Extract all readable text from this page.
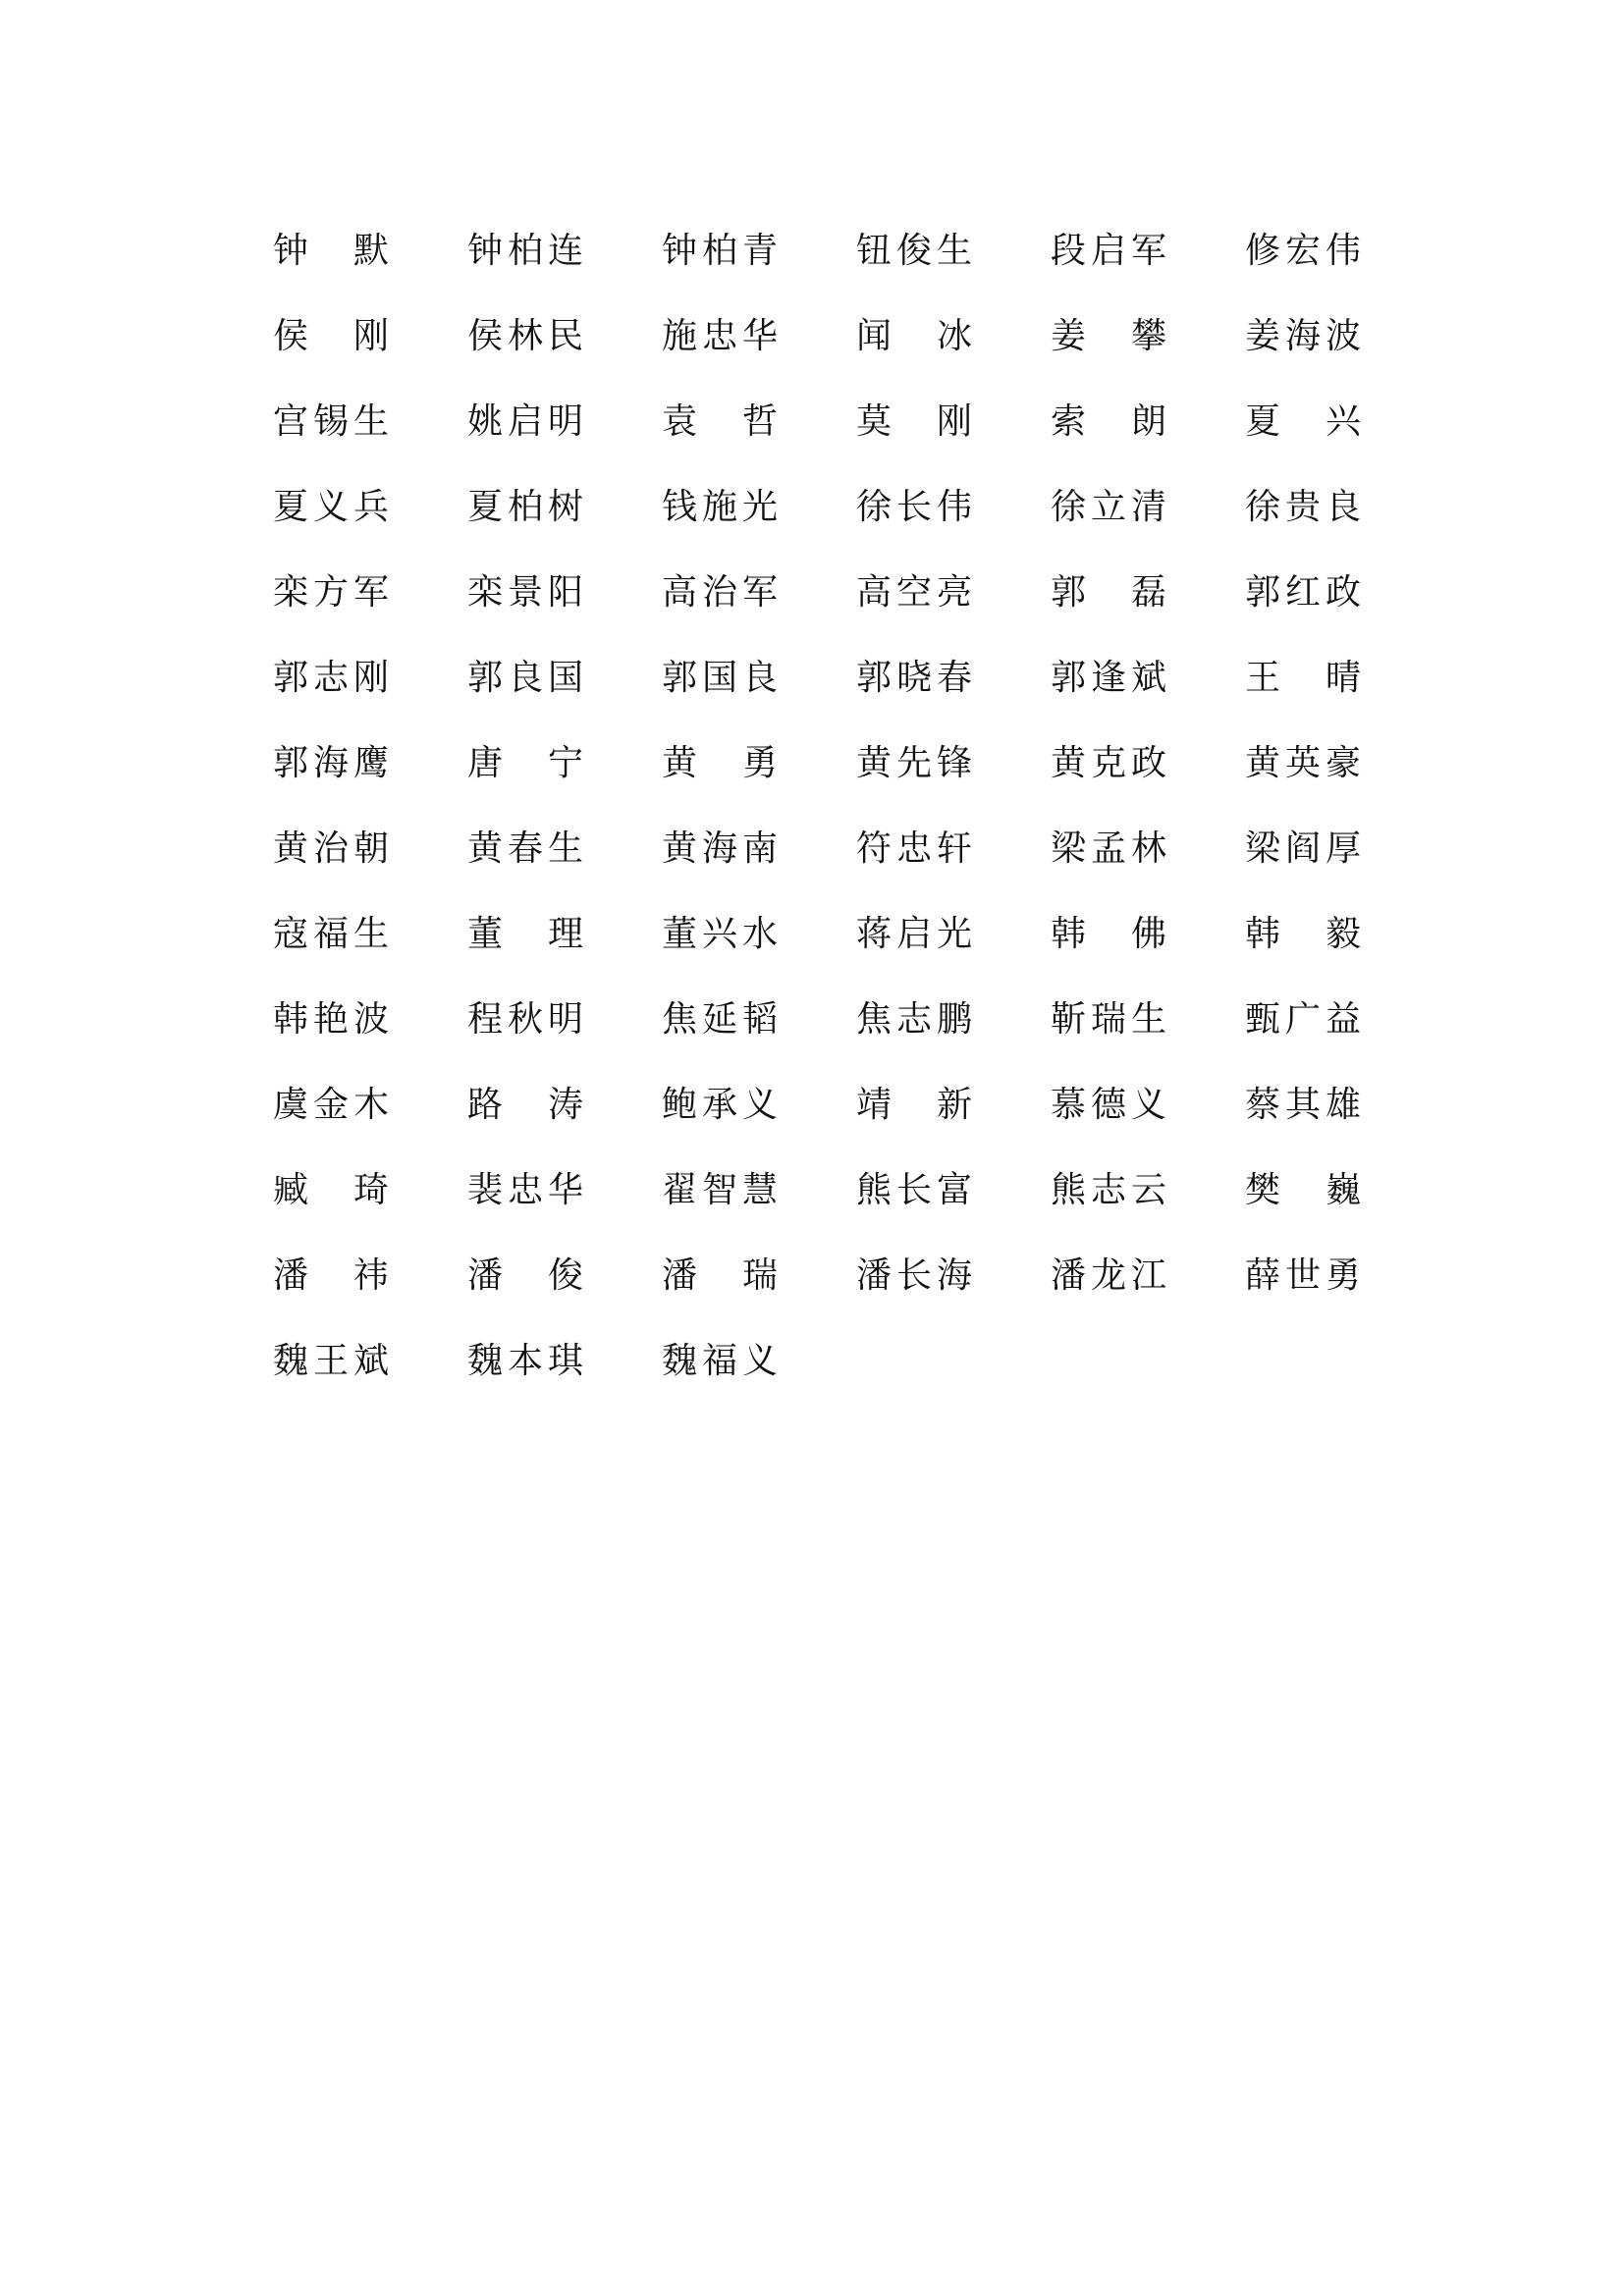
钟
　 默 钟 柏 连 钟 柏 青 钮 俊 生 段 启 军 修 宏 伟
侯
　 刚 侯 林 民 施 忠 华 闻
　 冰 姜
　 攀 姜 海 波
宫 锡 生 姚 启 明 袁
　 哲 莫
　 刚 索
　 朗 夏
　 兴
夏 义 兵 夏 柏 树 钱 施 光 徐 长 伟 徐 立 清 徐 贵 良
栾 方 军 栾 景 阳 高 治 军 高 空 亮 郭
　 磊 郭 红 政
郭 志 刚 郭 良 国 郭 国 良 郭 晓 春 郭 逢 斌 王
　 晴
郭 海 鹰 唐
　 宁 黄
　 勇 黄 先 锋 黄 克 政 黄 英 豪
黄 治 朝 黄 春 生 黄 海 南 符 忠 轩 梁 孟 林 梁 阎 厚
寇 福 生 董
　 理 董 兴 水 蒋 启 光 韩
　 佛 韩
　 毅
韩 艳 波 程 秋 明 焦 延 韬 焦 志 鹏 靳 瑞 生 甄 广 益
虞 金 木 路
　 涛 鲍 承 义 靖
　 新 慕 德 义 蔡 其 雄
臧
　 琦 裴 忠 华 翟 智 慧 熊 长 富 熊 志 云 樊
　 巍
潘
　 祎 潘
　 俊 潘
　 瑞 潘 长 海 潘 龙 江 薛 世 勇
魏 王 斌 魏 本 琪 魏 福 义
